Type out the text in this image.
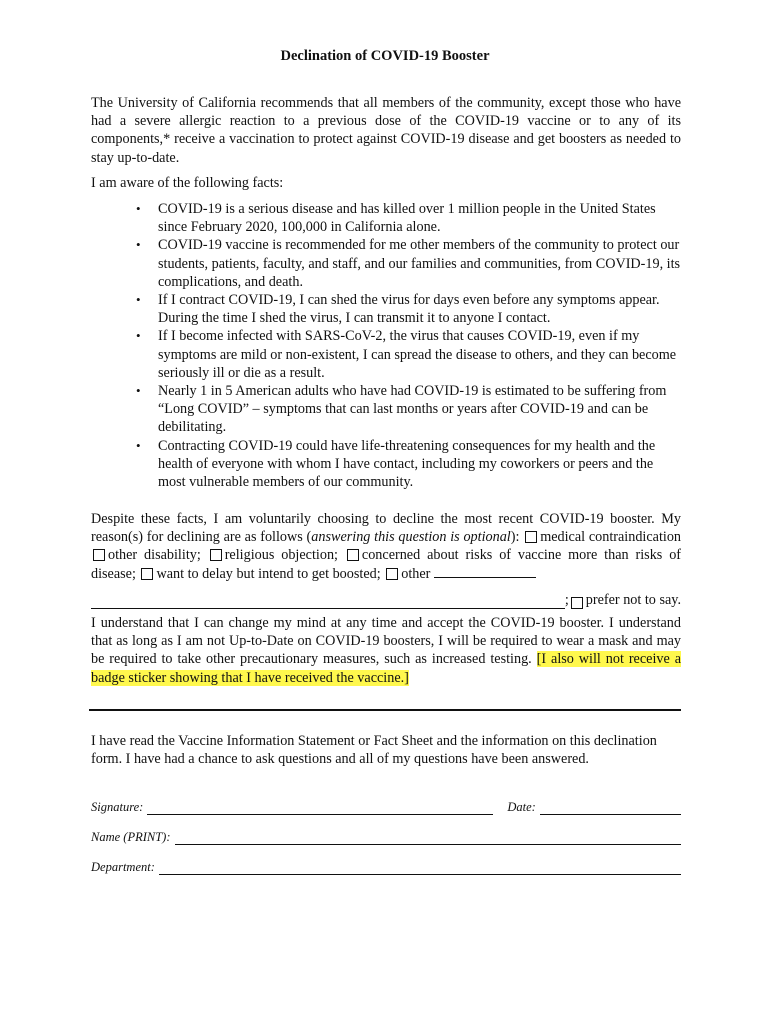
Declination of COVID-19 Booster
The University of California recommends that all members of the community, except those who have had a severe allergic reaction to a previous dose of the COVID-19 vaccine or to any of its components,* receive a vaccination to protect against COVID-19 disease and get boosters as needed to stay up-to-date.
I am aware of the following facts:
• COVID-19 is a serious disease and has killed over 1 million people in the United States since February 2020, 100,000 in California alone.
• COVID-19 vaccine is recommended for me other members of the community to protect our students, patients, faculty, and staff, and our families and communities, from COVID-19, its complications, and death.
• If I contract COVID-19, I can shed the virus for days even before any symptoms appear. During the time I shed the virus, I can transmit it to anyone I contact.
• If I become infected with SARS-CoV-2, the virus that causes COVID-19, even if my symptoms are mild or non-existent, I can spread the disease to others, and they can become seriously ill or die as a result.
• Nearly 1 in 5 American adults who have had COVID-19 is estimated to be suffering from “Long COVID” – symptoms that can last months or years after COVID-19 and can be debilitating.
• Contracting COVID-19 could have life-threatening consequences for my health and the health of everyone with whom I have contact, including my coworkers or peers and the most vulnerable members of our community.

Despite these facts, I am voluntarily choosing to decline the most recent COVID-19 booster. My reason(s) for declining are as follows (answering this question is optional): medical contraindication other disability; religious objection; concerned about risks of vaccine more than risks of disease; want to delay but intend to get boosted; other

; prefer not to say.
I understand that I can change my mind at any time and accept the COVID-19 booster. I understand that as long as I am not Up-to-Date on COVID-19 boosters, I will be required to wear a mask and may be required to take other precautionary measures, such as increased testing. [I also will not receive a badge sticker showing that I have received the vaccine.]
I have read the Vaccine Information Statement or Fact Sheet and the information on this declination form. I have had a chance to ask questions and all of my questions have been answered.
Signature:	Date:
Name (PRINT):
Department:
